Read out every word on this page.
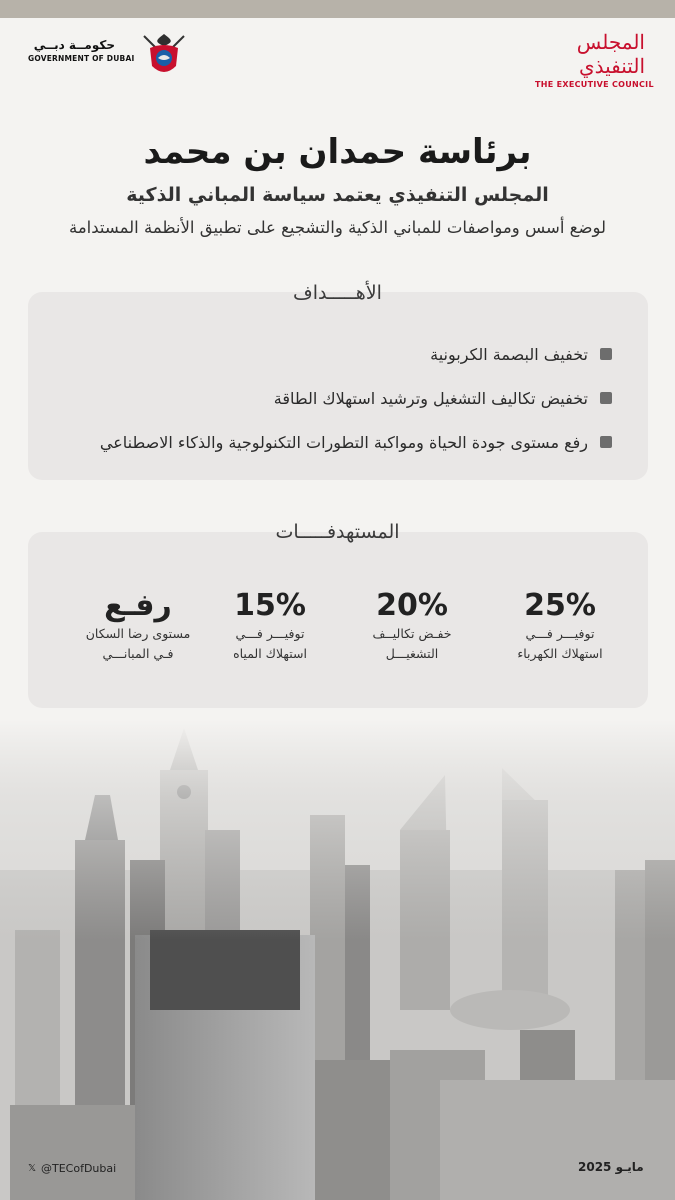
حكومــة دبــي
GOVERNMENT OF DUBAI
المجلس التنفيذي
THE EXECUTIVE COUNCIL
برئاسة حمدان بن محمد
المجلس التنفيذي يعتمد سياسة المباني الذكية
لوضع أسس ومواصفات للمباني الذكية والتشجيع على تطبيق الأنظمة المستدامة
تخفيف البصمة الكربونية
تخفيض تكاليف التشغيل وترشيد استهلاك الطاقة
رفع مستوى جودة الحياة ومواكبة التطورات التكنولوجية والذكاء الاصطناعي
الأهـــــداف
25%
توفيـــر فـــي
استهلاك الكهرباء
20%
خفـض تكاليــف
التشغيـــل
15%
توفيـــر فـــي
استهلاك المياه
رفـع
مستوى رضا السكان
فـي المبانـــي
المستهدفـــــات
𝕏 @TECofDubai	مايـو 2025
